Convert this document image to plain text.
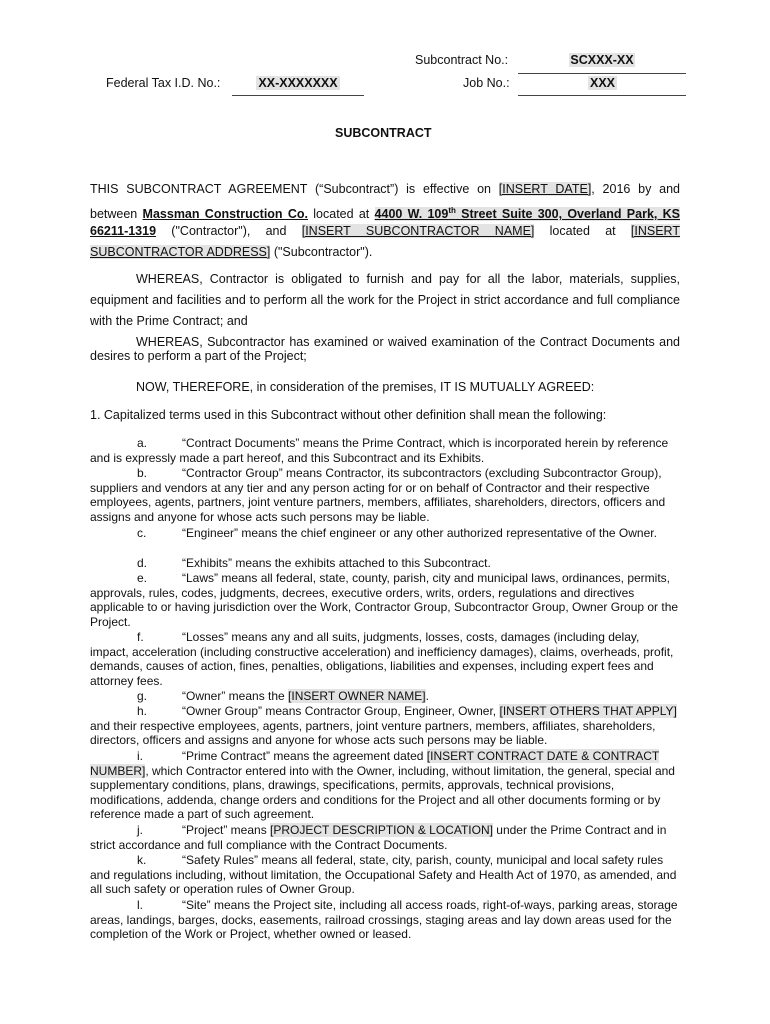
Subcontract No.:	SCXXX-XX
Federal Tax I.D. No.:	XX-XXXXXXX	Job No.:	XXX
SUBCONTRACT

THIS SUBCONTRACT AGREEMENT (“Subcontract”) is effective on [INSERT DATE], 2016 by and

between Massman Construction Co. located at 4400 W. 109th Street Suite 300, Overland Park, KS

66211-1319 ("Contractor"), and [INSERT SUBCONTRACTOR NAME] located at [INSERT

SUBCONTRACTOR ADDRESS] ("Subcontractor").

WHEREAS, Contractor is obligated to furnish and pay for all the labor, materials, supplies,

equipment and facilities and to perform all the work for the Project in strict accordance and full compliance

with the Prime Contract; and

WHEREAS, Subcontractor has examined or waived examination of the Contract Documents and

desires to perform a part of the Project;

NOW, THEREFORE, in consideration of the premises, IT IS MUTUALLY AGREED:

1. Capitalized terms used in this Subcontract without other definition shall mean the following:

a.	“Contract Documents” means the Prime Contract, which is incorporated herein by reference and is expressly made a part hereof, and this Subcontract and its Exhibits.

b.	“Contractor Group” means Contractor, its subcontractors (excluding Subcontractor Group), suppliers and vendors at any tier and any person acting for or on behalf of Contractor and their respective employees, agents, partners, joint venture partners, members, affiliates, shareholders, directors, officers and assigns and anyone for whose acts such persons may be liable.

c.	“Engineer” means the chief engineer or any other authorized representative of the Owner.

d.	“Exhibits” means the exhibits attached to this Subcontract.

e.	“Laws” means all federal, state, county, parish, city and municipal laws, ordinances, permits, approvals, rules, codes, judgments, decrees, executive orders, writs, orders, regulations and directives applicable to or having jurisdiction over the Work, Contractor Group, Subcontractor Group, Owner Group or the Project.

f.	“Losses” means any and all suits, judgments, losses, costs, damages (including delay, impact, acceleration (including constructive acceleration) and inefficiency damages), claims, overheads, profit, demands, causes of action, fines, penalties, obligations, liabilities and expenses, including expert fees and attorney fees.

g.	“Owner” means the [INSERT OWNER NAME].

h.	“Owner Group” means Contractor Group, Engineer, Owner, [INSERT OTHERS THAT APPLY] and their respective employees, agents, partners, joint venture partners, members, affiliates, shareholders, directors, officers and assigns and anyone for whose acts such persons may be liable.

i.	“Prime Contract” means the agreement dated [INSERT CONTRACT DATE & CONTRACT NUMBER], which Contractor entered into with the Owner, including, without limitation, the general, special and supplementary conditions, plans, drawings, specifications, permits, approvals, technical provisions, modifications, addenda, change orders and conditions for the Project and all other documents forming or by reference made a part of such agreement.

j.	“Project” means [PROJECT DESCRIPTION & LOCATION] under the Prime Contract and in strict accordance and full compliance with the Contract Documents.

k.	“Safety Rules” means all federal, state, city, parish, county, municipal and local safety rules and regulations including, without limitation, the Occupational Safety and Health Act of 1970, as amended, and all such safety or operation rules of Owner Group.

l.	“Site” means the Project site, including all access roads, right-of-ways, parking areas, storage areas, landings, barges, docks, easements, railroad crossings, staging areas and lay down areas used for the completion of the Work or Project, whether owned or leased.
